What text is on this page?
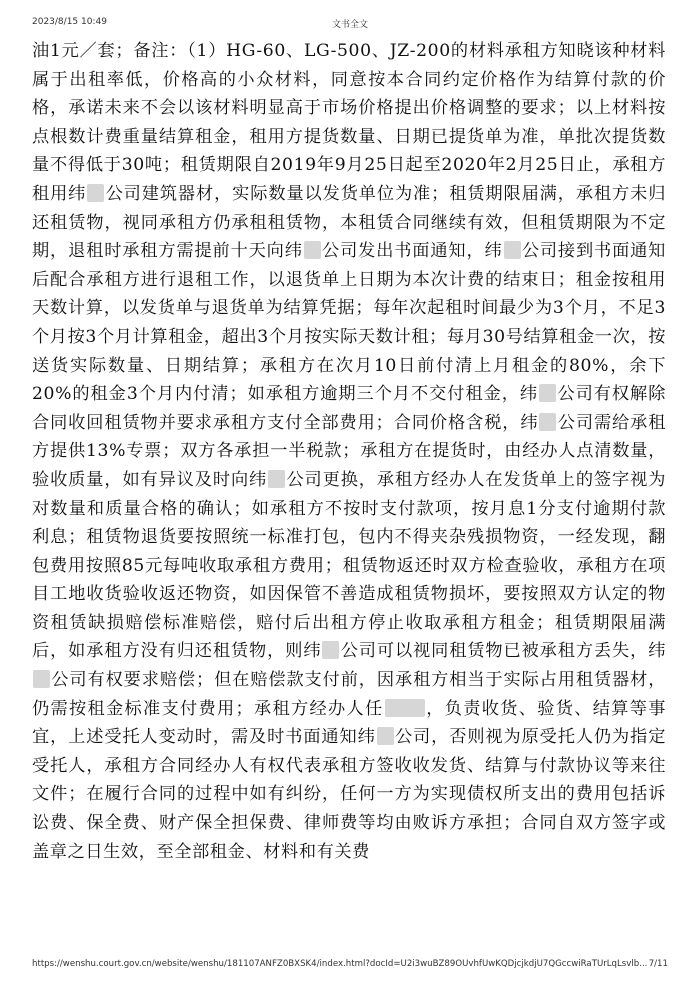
2023/8/15 10:49	文书全文

油1元／套；备注：（1）HG-60、LG-500、JZ-200的材料承租方知晓该种材料属于出租率低，价格高的小众材料，同意按本合同约定价格作为结算付款的价格，承诺未来不会以该材料明显高于市场价格提出价格调整的要求；以上材料按点根数计费重量结算租金，租用方提货数量、日期已提货单为准，单批次提货数量不得低于30吨；租赁期限自2019年9月25日起至2020年2月25日止，承租方租用纬 公司建筑器材，实际数量以发货单位为准；租赁期限届满，承租方未归还租赁物，视同承租方仍承租租赁物，本租赁合同继续有效，但租赁期限为不定期，退租时承租方需提前十天向纬 公司发出书面通知，纬 公司接到书面通知后配合承租方进行退租工作，以退货单上日期为本次计费的结束日；租金按租用天数计算，以发货单与退货单为结算凭据；每年次起租时间最少为3个月，不足3个月按3个月计算租金，超出3个月按实际天数计租；每月30号结算租金一次，按送货实际数量、日期结算；承租方在次月10日前付清上月租金的80%，余下20%的租金3个月内付清；如承租方逾期三个月不交付租金，纬 公司有权解除合同收回租赁物并要求承租方支付全部费用；合同价格含税，纬 公司需给承租方提供13%专票；双方各承担一半税款；承租方在提货时，由经办人点清数量，验收质量，如有异议及时向纬 公司更换，承租方经办人在发货单上的签字视为对数量和质量合格的确认；如承租方不按时支付款项，按月息1分支付逾期付款利息；租赁物退货要按照统一标准打包，包内不得夹杂残损物资，一经发现，翻包费用按照85元每吨收取承租方费用；租赁物返还时双方检查验收，承租方在项目工地收货验收返还物资，如因保管不善造成租赁物损坏，要按照双方认定的物资租赁缺损赔偿标准赔偿，赔付后出租方停止收取承租方租金；租赁期限届满后，如承租方没有归还租赁物，则纬 公司可以视同租赁物已被承租方丢失，纬公司有权要求赔偿；但在赔偿款支付前，因承租方相当于实际占用租赁器材，仍需按租金标准支付费用；承租方经办人任 ，负责收货、验货、结算等事宜，上述受托人变动时，需及时书面通知纬 公司，否则视为原受托人仍为指定受托人，承租方合同经办人有权代表承租方签收收发货、结算与付款协议等来往文件；在履行合同的过程中如有纠纷，任何一方为实现债权所支出的费用包括诉讼费、保全费、财产保全担保费、律师费等均由败诉方承担；合同自双方签字或盖章之日生效，至全部租金、材料和有关费

https://wenshu.court.gov.cn/website/wenshu/181107ANFZ0BXSK4/index.html?docId=U2i3wuBZ89OUvhfUwKQDjcjkdjU7QGccwiRaTUrLqLsvlb... 7/11
